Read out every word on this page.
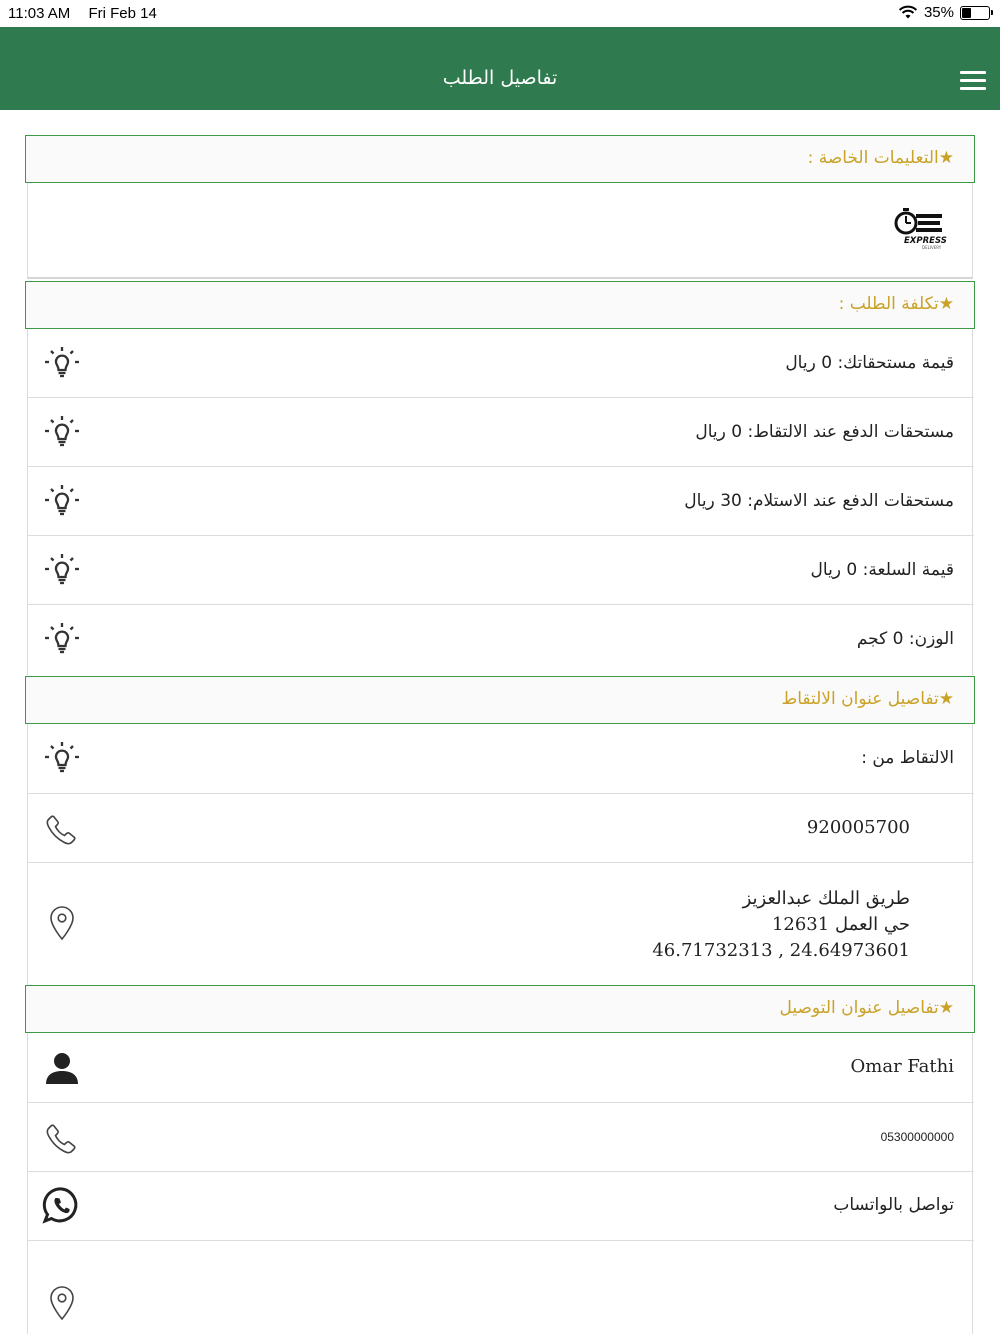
11:03 AM Fri Feb 14	35%
تفاصيل الطلب
★التعليمات الخاصة :
EXPRESS
DELIVERY
★تكلفة الطلب :
قيمة مستحقاتك: 0 ريال
مستحقات الدفع عند الالتقاط: 0 ريال
مستحقات الدفع عند الاستلام: 30 ريال
قيمة السلعة: 0 ريال
الوزن: 0 كجم
★تفاصيل عنوان الالتقاط
الالتقاط من :
920005700
طريق الملك عبدالعزيز
حي العمل 12631
46.71732313 , 24.64973601
★تفاصيل عنوان التوصيل
Omar Fathi
05300000000
تواصل بالواتساب
